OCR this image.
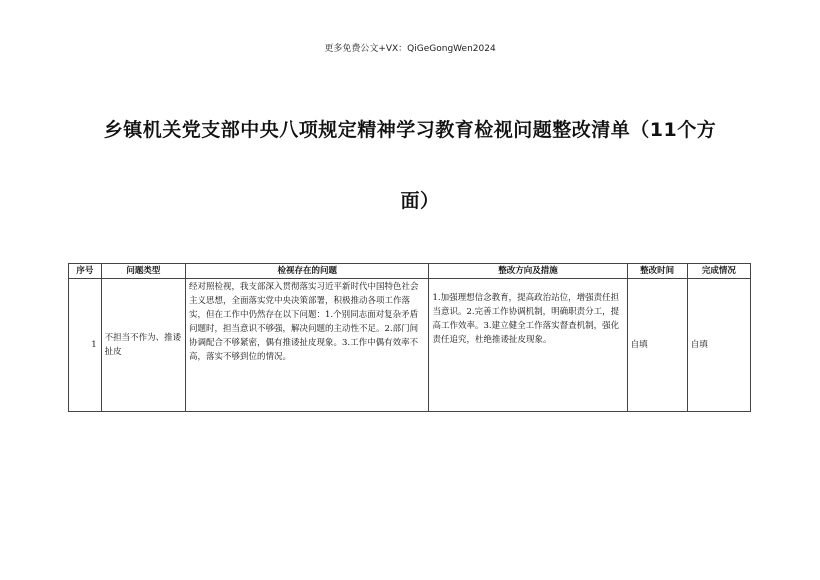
更多免费公文+VX：QiGeGongWen2024
乡镇机关党支部中央八项规定精神学习教育检视问题整改清单（11个方
面）
序号	问题类型	检视存在的问题	整改方向及措施	整改时间	完成情况
1	不担当不作为、推诿扯皮	经对照检视，我支部深入贯彻落实习近平新时代中国特色社会主义思想，全面落实党中央决策部署，积极推动各项工作落实，但在工作中仍然存在以下问题：1.个别同志面对复杂矛盾问题时，担当意识不够强，解决问题的主动性不足。2.部门间协调配合不够紧密，偶有推诿扯皮现象。3.工作中偶有效率不高，落实不够到位的情况。	1.加强理想信念教育，提高政治站位，增强责任担当意识。2.完善工作协调机制，明确职责分工，提高工作效率。3.建立健全工作落实督查机制，强化责任追究，杜绝推诿扯皮现象。	自填	自填
